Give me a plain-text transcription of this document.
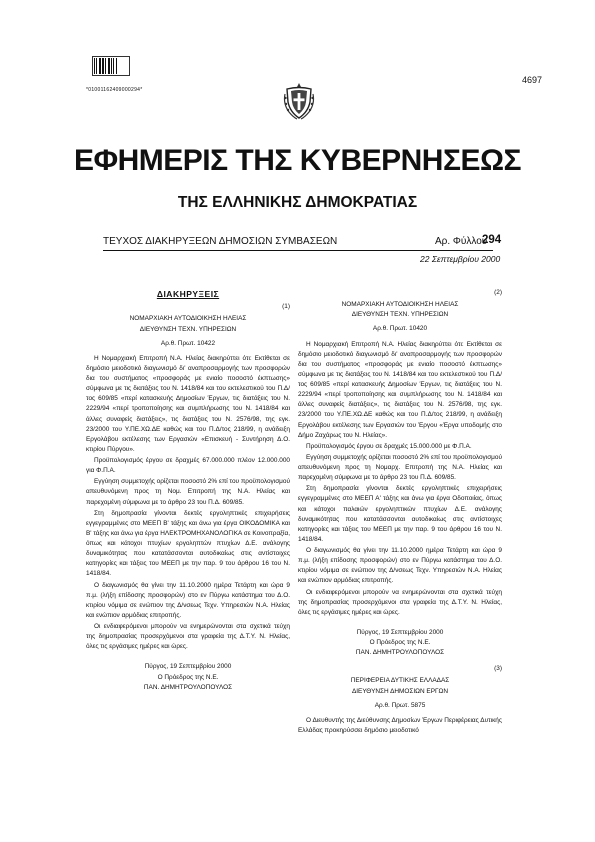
*01001162409000294*
4697
ΕΦΗΜΕΡΙΣ ΤΗΣ ΚΥΒΕΡΝΗΣΕΩΣ
ΤΗΣ ΕΛΛΗΝΙΚΗΣ ΔΗΜΟΚΡΑΤΙΑΣ
ΤΕΥΧΟΣ ΔΙΑΚΗΡΥΞΕΩΝ ΔΗΜΟΣΙΩΝ ΣΥΜΒΑΣΕΩΝ	Αρ. Φύλλου
294
22 Σεπτεμβρίου 2000
ΔΙΑΚΗΡΥΞΕΙΣ
(1)
ΝΟΜΑΡΧΙΑΚΗ ΑΥΤΟΔΙΟΙΚΗΣΗ ΗΛΕΙΑΣ
ΔΙΕΥΘΥΝΣΗ ΤΕΧΝ. ΥΠΗΡΕΣΙΩΝ
Αρ.θ. Πρωτ. 10422

Η Νομαρχιακή Επιτροπή Ν.Α. Ηλείας διακηρύττει ότι: Εκτίθεται σε δημόσιο μειοδοτικό διαγωνισμό δι' αναπροσαρμογής των προσφορών δια του συστήματος «προσφοράς με ενιαίο ποσοστό έκπτωσης» σύμφωνα με τις διατάξεις του Ν. 1418/84 και του εκτελεστικού του Π.Δ/τος 609/85 «περί κατασκευής Δημοσίων Έργων, τις διατάξεις του Ν. 2229/94 «περί τροποποίησης και συμπλήρωσης του Ν. 1418/84 και άλλες συναφείς διατάξεις», τις διατάξεις του Ν. 2576/98, της εγκ. 23/2000 του Υ.ΠΕ.ΧΩ.ΔΕ καθώς και του Π.Δ/τος 218/99, η ανάδειξη Εργολάβου εκτέλεσης των Εργασιών «Επισκευή - Συντήρηση Δ.Ο. κτιρίου Πύργου».

Προϋπολογισμός έργου σε δραχμές 67.000.000 πλέον 12.000.000 για Φ.Π.Α.

Εγγύηση συμμετοχής ορίζεται ποσοστό 2% επί του προϋπολογισμού απευθυνόμενη προς τη Νομ. Επιτροπή της Ν.Α. Ηλείας και παρεχομένη σύμφωνα με το άρθρο 23 του Π.Δ. 609/85.

Στη δημοπρασία γίνονται δεκτές εργοληπτικές επιχειρήσεις εγγεγραμμένες στο ΜΕΕΠ Β' τάξης και άνω για έργα ΟΙΚΟΔΟΜΙΚΑ και Β' τάξης και άνω για έργα ΗΛΕΚΤΡΟΜΗΧΑΝΟΛΟΓΙΚΑ σε Κοινοπραξία, όπως και κάτοχοι πτυχίων εργοληπτών πτυχίων Δ.Ε. ανάλογης δυναμικότητας που κατατάσσονται αυτοδικαίως στις αντίστοιχες κατηγορίες και τάξεις του ΜΕΕΠ με την παρ. 9 του άρθρου 16 του Ν. 1418/84.

Ο διαγωνισμός θα γίνει την 11.10.2000 ημέρα Τετάρτη και ώρα 9 π.μ. (λήξη επίδοσης προσφορών) στο εν Πύργω κατάστημα του Δ.Ο. κτιρίου νόμιμα σε ενώπιον της Δ/νσεως Τεχν. Υπηρεσιών Ν.Α. Ηλείας και ενώπιον αρμόδιας επιτροπής.

Οι ενδιαφερόμενοι μπορούν να ενημερώνονται στα σχετικά τεύχη της δημοπρασίας προσερχόμενοι στα γραφεία της Δ.Τ.Υ. Ν. Ηλείας, όλες τις εργάσιμες ημέρες και ώρες.

Πύργος, 19 Σεπτεμβρίου 2000
Ο Πρόεδρος της Ν.Ε.
ΠΑΝ. ΔΗΜΗΤΡΟΥΛΟΠΟΥΛΟΣ
(2)
ΝΟΜΑΡΧΙΑΚΗ ΑΥΤΟΔΙΟΙΚΗΣΗ ΗΛΕΙΑΣ
ΔΙΕΥΘΥΝΣΗ ΤΕΧΝ. ΥΠΗΡΕΣΙΩΝ
Αρ.θ. Πρωτ. 10420

Η Νομαρχιακή Επιτροπή Ν.Α. Ηλείας διακηρύττει ότι: Εκτίθεται σε δημόσιο μειοδοτικό διαγωνισμό δι' αναπροσαρμογής των προσφορών δια του συστήματος «προσφοράς με ενιαίο ποσοστό έκπτωσης» σύμφωνα με τις διατάξεις του Ν. 1418/84 και του εκτελεστικού του Π.Δ/τος 609/85 «περί κατασκευής Δημοσίων Έργων, τις διατάξεις του Ν. 2229/94 «περί τροποποίησης και συμπλήρωσης του Ν. 1418/84 και άλλες συναφείς διατάξεις», τις διατάξεις του Ν. 2576/98, της εγκ. 23/2000 του Υ.ΠΕ.ΧΩ.ΔΕ καθώς και του Π.Δ/τος 218/99, η ανάδειξη Εργολάβου εκτέλεσης των Εργασιών του Έργου «Έργα υποδομής στο Δήμο Ζαχάρως του Ν. Ηλείας».

Προϋπολογισμός έργου σε δραχμές 15.000.000 με Φ.Π.Α.

Εγγύηση συμμετοχής ορίζεται ποσοστό 2% επί του προϋπολογισμού απευθυνόμενη προς τη Νομαρχ. Επιτροπή της Ν.Α. Ηλείας και παρεχομένη σύμφωνα με το άρθρο 23 του Π.Δ. 609/85.

Στη δημοπρασία γίνονται δεκτές εργοληπτικές επιχειρήσεις εγγεγραμμένες στο ΜΕΕΠ Α' τάξης και άνω για έργα Οδοποιίας, όπως και κάτοχοι παλαιών εργοληπτικών πτυχίων Δ.Ε. ανάλογης δυναμικότητας που κατατάσσονται αυτοδικαίως στις αντίστοιχες κατηγορίες και τάξεις του ΜΕΕΠ με την παρ. 9 του άρθρου 16 του Ν. 1418/84.

Ο διαγωνισμός θα γίνει την 11.10.2000 ημέρα Τετάρτη και ώρα 9 π.μ. (λήξη επίδοσης προσφορών) στο εν Πύργω κατάστημα του Δ.Ο. κτιρίου νόμιμα σε ενώπιον της Δ/νσεως Τεχν. Υπηρεσιών Ν.Α. Ηλείας και ενώπιον αρμόδιας επιτροπής.

Οι ενδιαφερόμενοι μπορούν να ενημερώνονται στα σχετικά τεύχη της δημοπρασίας προσερχόμενοι στα γραφεία της Δ.Τ.Υ. Ν. Ηλείας, όλες τις εργάσιμες ημέρες και ώρες.

Πύργος, 19 Σεπτεμβρίου 2000
Ο Πρόεδρος της Ν.Ε.
ΠΑΝ. ΔΗΜΗΤΡΟΥΛΟΠΟΥΛΟΣ
(3)
ΠΕΡΙΦΕΡΕΙΑ ΔΥΤΙΚΗΣ ΕΛΛΑΔΑΣ
ΔΙΕΥΘΥΝΣΗ ΔΗΜΟΣΙΩΝ ΕΡΓΩΝ
Αρ.θ. Πρωτ. 5875

Ο Διευθυντής της Διεύθυνσης Δημοσίων Έργων Περιφέρειας Δυτικής Ελλάδας προκηρύσσει δημόσιο μειοδοτικό
